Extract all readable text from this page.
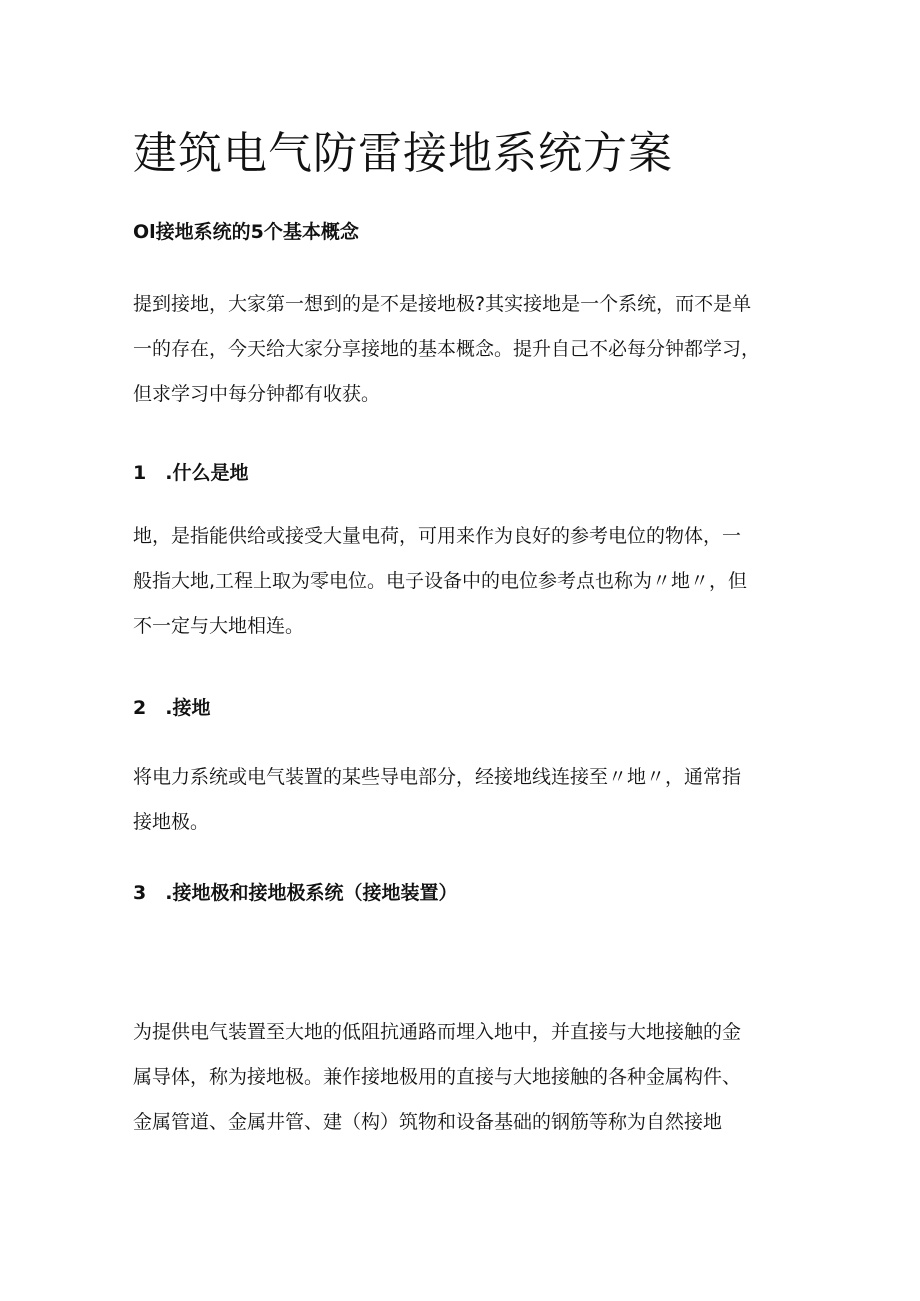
建筑电气防雷接地系统方案
Ol接地系统的5个基本概念
提到接地，大家第一想到的是不是接地极?其实接地是一个系统，而不是单
一的存在，今天给大家分享接地的基本概念。提升自己不必每分钟都学习，
但求学习中每分钟都有收获。
1　.什么是地
地，是指能供给或接受大量电荷，可用来作为良好的参考电位的物体，一
般指大地,工程上取为零电位。电子设备中的电位参考点也称为〃地〃，但
不一定与大地相连。
2　.接地
将电力系统或电气装置的某些导电部分，经接地线连接至〃地〃，通常指
接地极。
3　.接地极和接地极系统（接地装置）
为提供电气装置至大地的低阻抗通路而埋入地中，并直接与大地接触的金
属导体，称为接地极。兼作接地极用的直接与大地接触的各种金属构件、
金属管道、金属井管、建（构）筑物和设备基础的钢筋等称为自然接地
